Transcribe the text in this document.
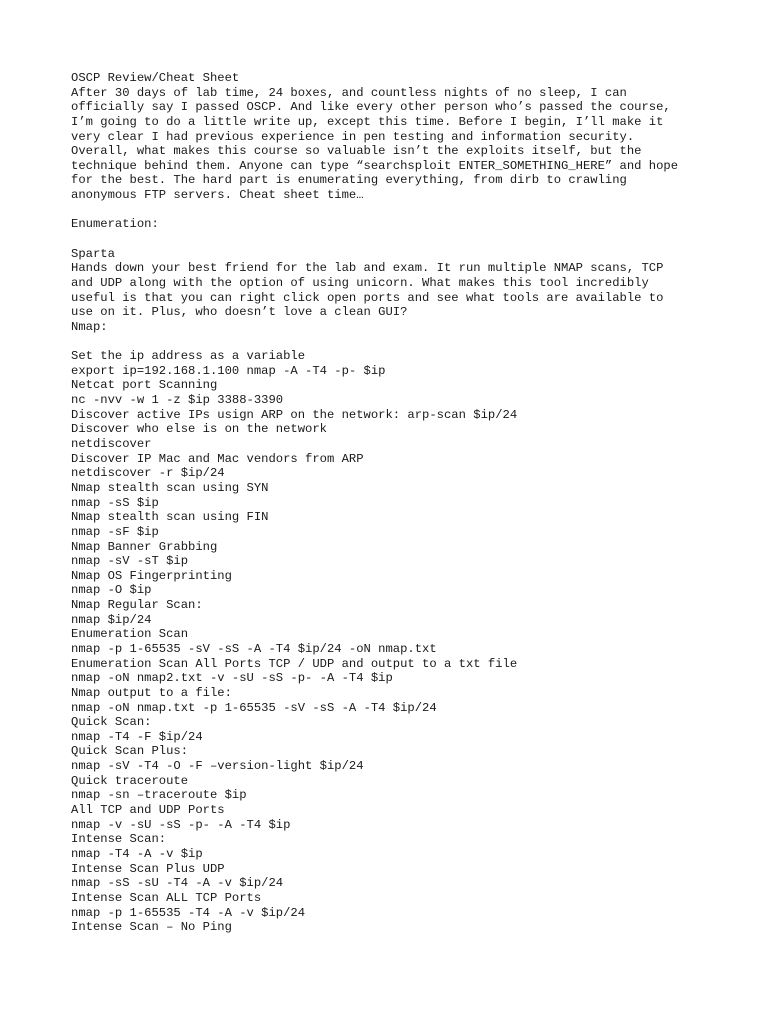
OSCP Review/Cheat Sheet
After 30 days of lab time, 24 boxes, and countless nights of no sleep, I can
officially say I passed OSCP. And like every other person who’s passed the course,
I’m going to do a little write up, except this time. Before I begin, I’ll make it
very clear I had previous experience in pen testing and information security.
Overall, what makes this course so valuable isn’t the exploits itself, but the
technique behind them. Anyone can type “searchsploit ENTER_SOMETHING_HERE” and hope
for the best. The hard part is enumerating everything, from dirb to crawling
anonymous FTP servers. Cheat sheet time…
Enumeration:
Sparta
Hands down your best friend for the lab and exam. It run multiple NMAP scans, TCP
and UDP along with the option of using unicorn. What makes this tool incredibly
useful is that you can right click open ports and see what tools are available to
use on it. Plus, who doesn’t love a clean GUI?
Nmap:
Set the ip address as a variable
export ip=192.168.1.100 nmap -A -T4 -p- $ip
Netcat port Scanning
nc -nvv -w 1 -z $ip 3388-3390
Discover active IPs usign ARP on the network: arp-scan $ip/24
Discover who else is on the network
netdiscover
Discover IP Mac and Mac vendors from ARP
netdiscover -r $ip/24
Nmap stealth scan using SYN
nmap -sS $ip
Nmap stealth scan using FIN
nmap -sF $ip
Nmap Banner Grabbing
nmap -sV -sT $ip
Nmap OS Fingerprinting
nmap -O $ip
Nmap Regular Scan:
nmap $ip/24
Enumeration Scan
nmap -p 1-65535 -sV -sS -A -T4 $ip/24 -oN nmap.txt
Enumeration Scan All Ports TCP / UDP and output to a txt file
nmap -oN nmap2.txt -v -sU -sS -p- -A -T4 $ip
Nmap output to a file:
nmap -oN nmap.txt -p 1-65535 -sV -sS -A -T4 $ip/24
Quick Scan:
nmap -T4 -F $ip/24
Quick Scan Plus:
nmap -sV -T4 -O -F –version-light $ip/24
Quick traceroute
nmap -sn –traceroute $ip
All TCP and UDP Ports
nmap -v -sU -sS -p- -A -T4 $ip
Intense Scan:
nmap -T4 -A -v $ip
Intense Scan Plus UDP
nmap -sS -sU -T4 -A -v $ip/24
Intense Scan ALL TCP Ports
nmap -p 1-65535 -T4 -A -v $ip/24
Intense Scan – No Ping
